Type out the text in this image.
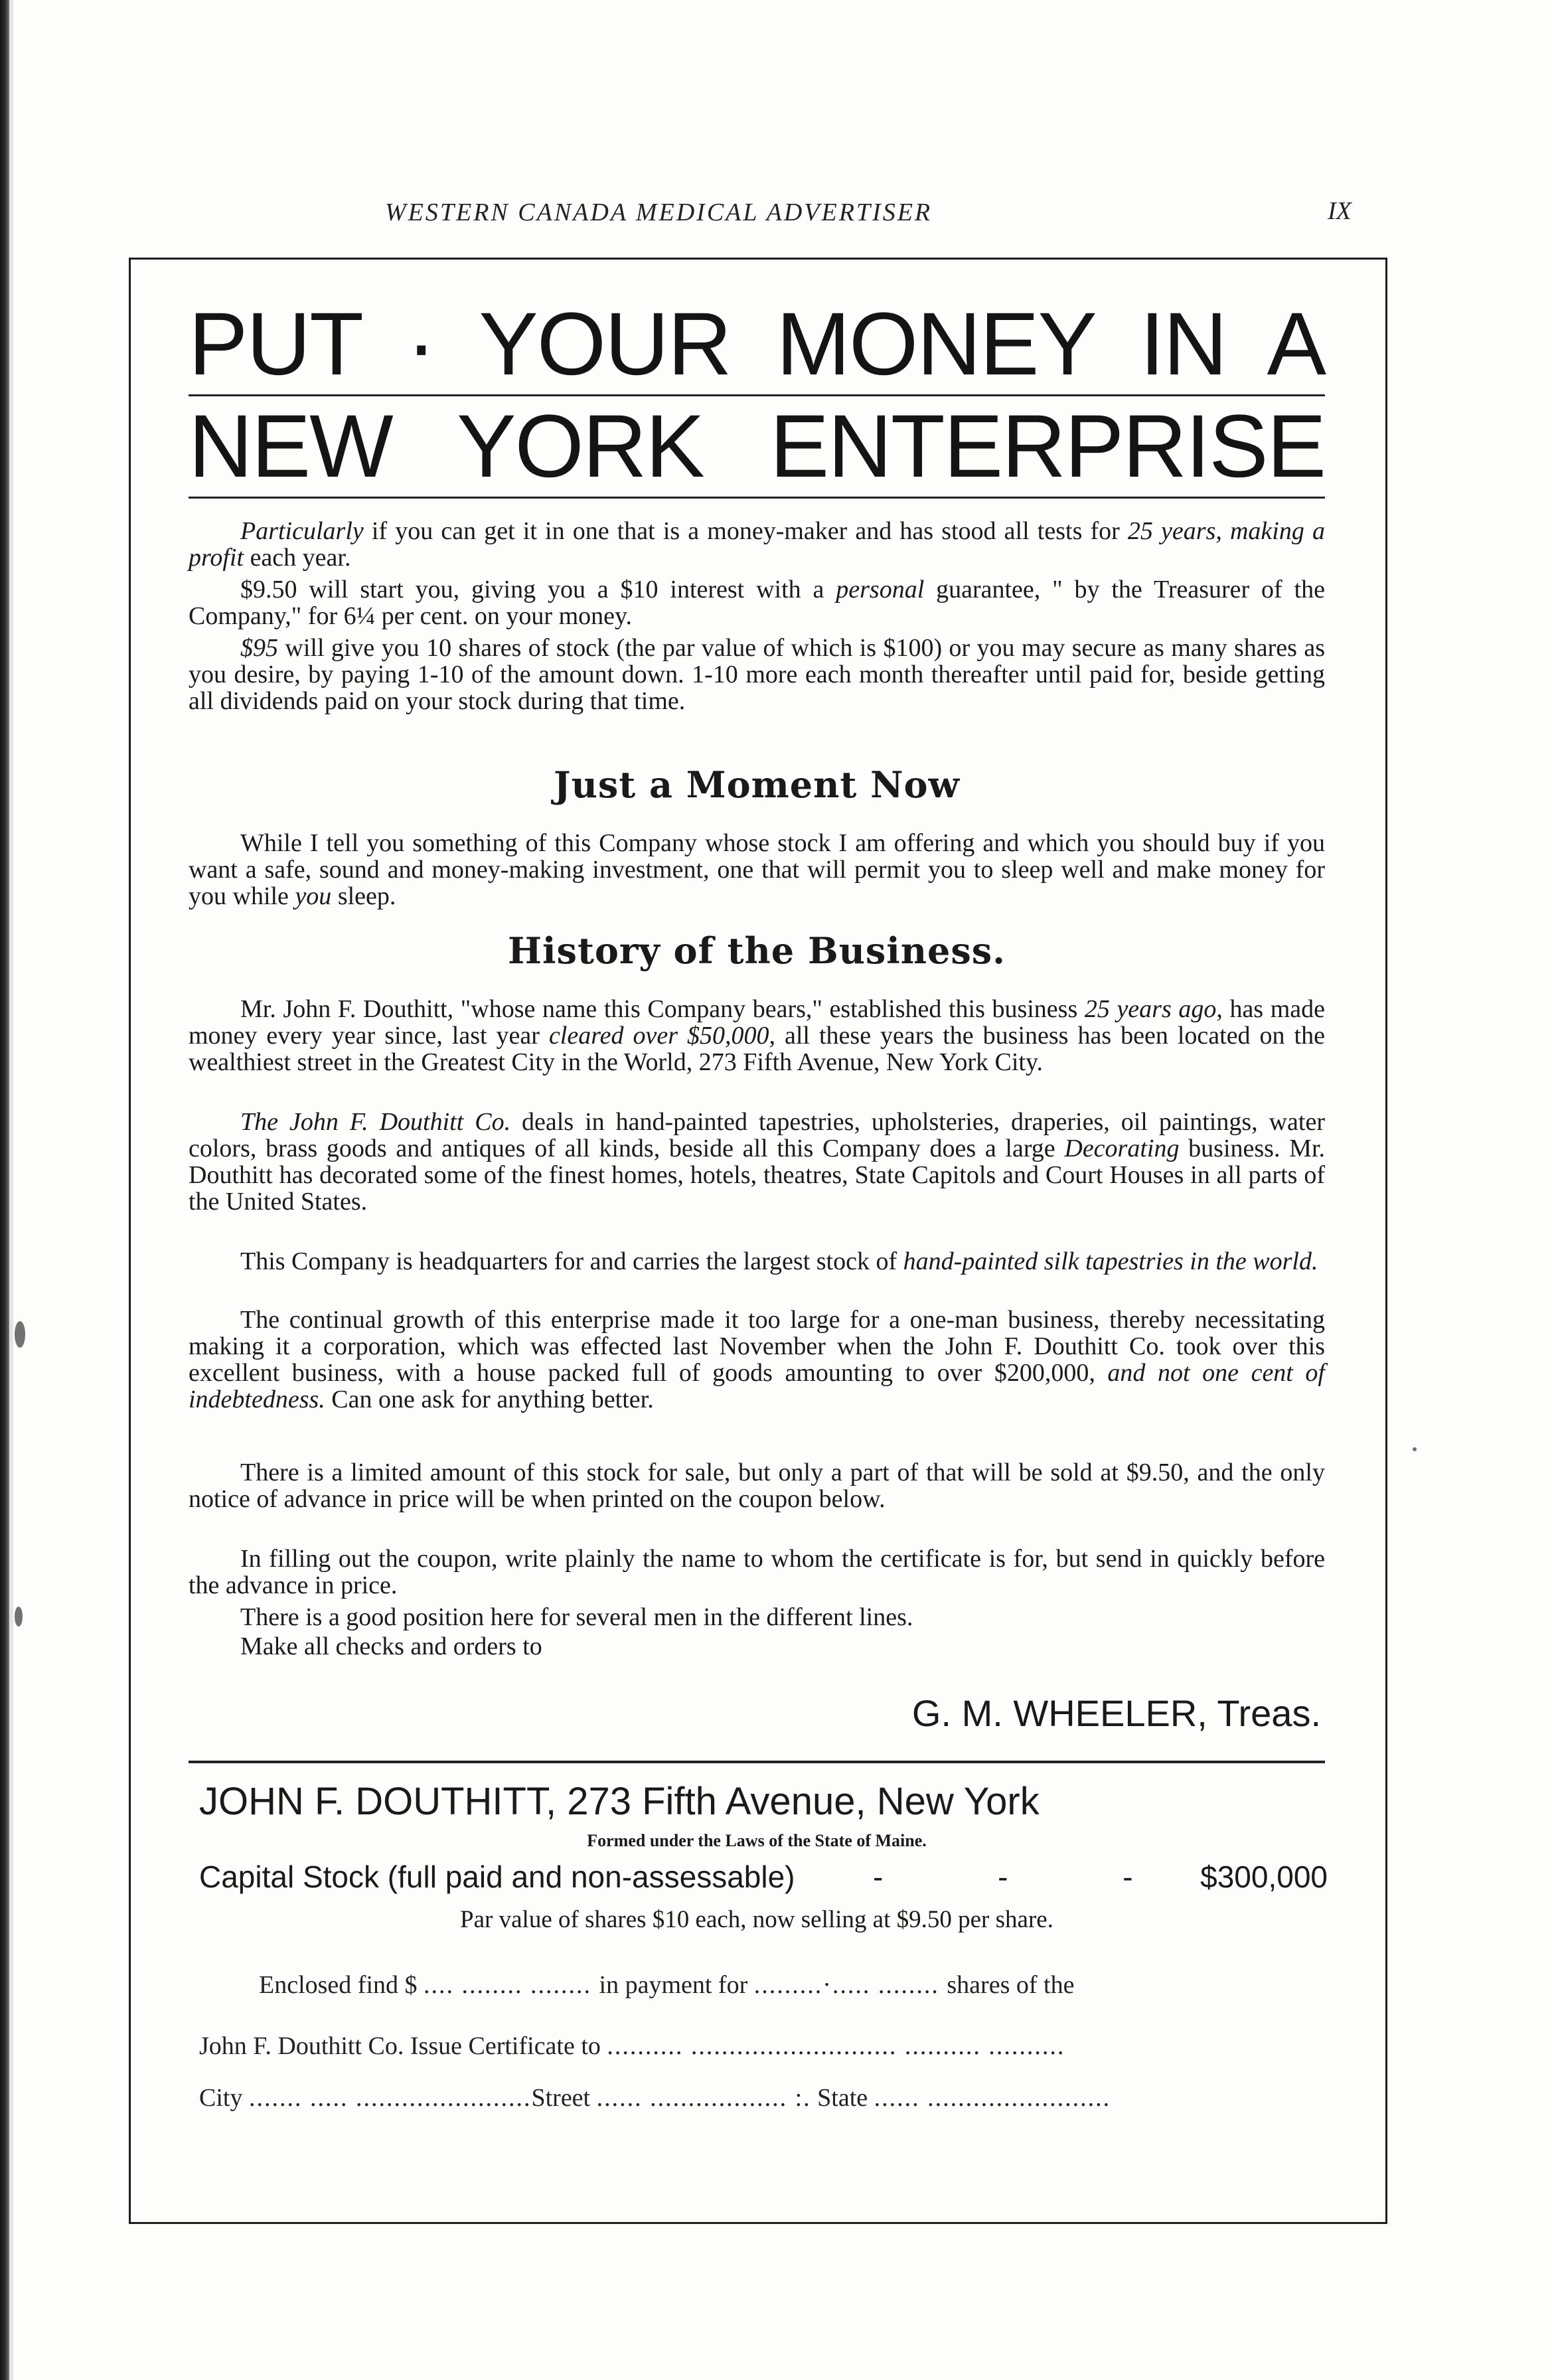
WESTERN CANADA MEDICAL ADVERTISER	IX
PUT · YOUR MONEY IN A
NEW YORK ENTERPRISE
Particularly if you can get it in one that is a money-maker and has stood all tests for 25 years, making a profit each year.
$9.50 will start you, giving you a $10 interest with a personal guarantee, " by the Treasurer of the Company," for 6¼ per cent. on your money.
$95 will give you 10 shares of stock (the par value of which is $100) or you may secure as many shares as you desire, by paying 1-10 of the amount down. 1-10 more each month thereafter until paid for, beside getting all dividends paid on your stock during that time.
Just a Moment Now
While I tell you something of this Company whose stock I am offering and which you should buy if you want a safe, sound and money-making investment, one that will permit you to sleep well and make money for you while you sleep.
History of the Business.
Mr. John F. Douthitt, "whose name this Company bears," established this business 25 years ago, has made money every year since, last year cleared over $50,000, all these years the business has been located on the wealthiest street in the Greatest City in the World, 273 Fifth Avenue, New York City.
The John F. Douthitt Co. deals in hand-painted tapestries, upholsteries, draperies, oil paintings, water colors, brass goods and antiques of all kinds, beside all this Company does a large Decorating business. Mr. Douthitt has decorated some of the finest homes, hotels, theatres, State Capitols and Court Houses in all parts of the United States.
This Company is headquarters for and carries the largest stock of hand-painted silk tapestries in the world.
The continual growth of this enterprise made it too large for a one-man business, thereby necessitating making it a corporation, which was effected last November when the John F. Douthitt Co. took over this excellent business, with a house packed full of goods amounting to over $200,000, and not one cent of indebtedness. Can one ask for anything better.
There is a limited amount of this stock for sale, but only a part of that will be sold at $9.50, and the only notice of advance in price will be when printed on the coupon below.
In filling out the coupon, write plainly the name to whom the certificate is for, but send in quickly before the advance in price.
There is a good position here for several men in the different lines.
Make all checks and orders to
G. M. WHEELER, Treas.
JOHN F. DOUTHITT, 273 Fifth Avenue, New York
Formed under the Laws of the State of Maine.
Capital Stock (full paid and non-assessable)	- - - $300,000
Par value of shares $10 each, now selling at $9.50 per share.
Enclosed find $ .... ........ ........ in payment for .........·..... ........ shares of the
John F. Douthitt Co. Issue Certificate to .......... ........................... .......... ..........
City ....... ..... .......................Street ...... .................. :. State ...... ........................
